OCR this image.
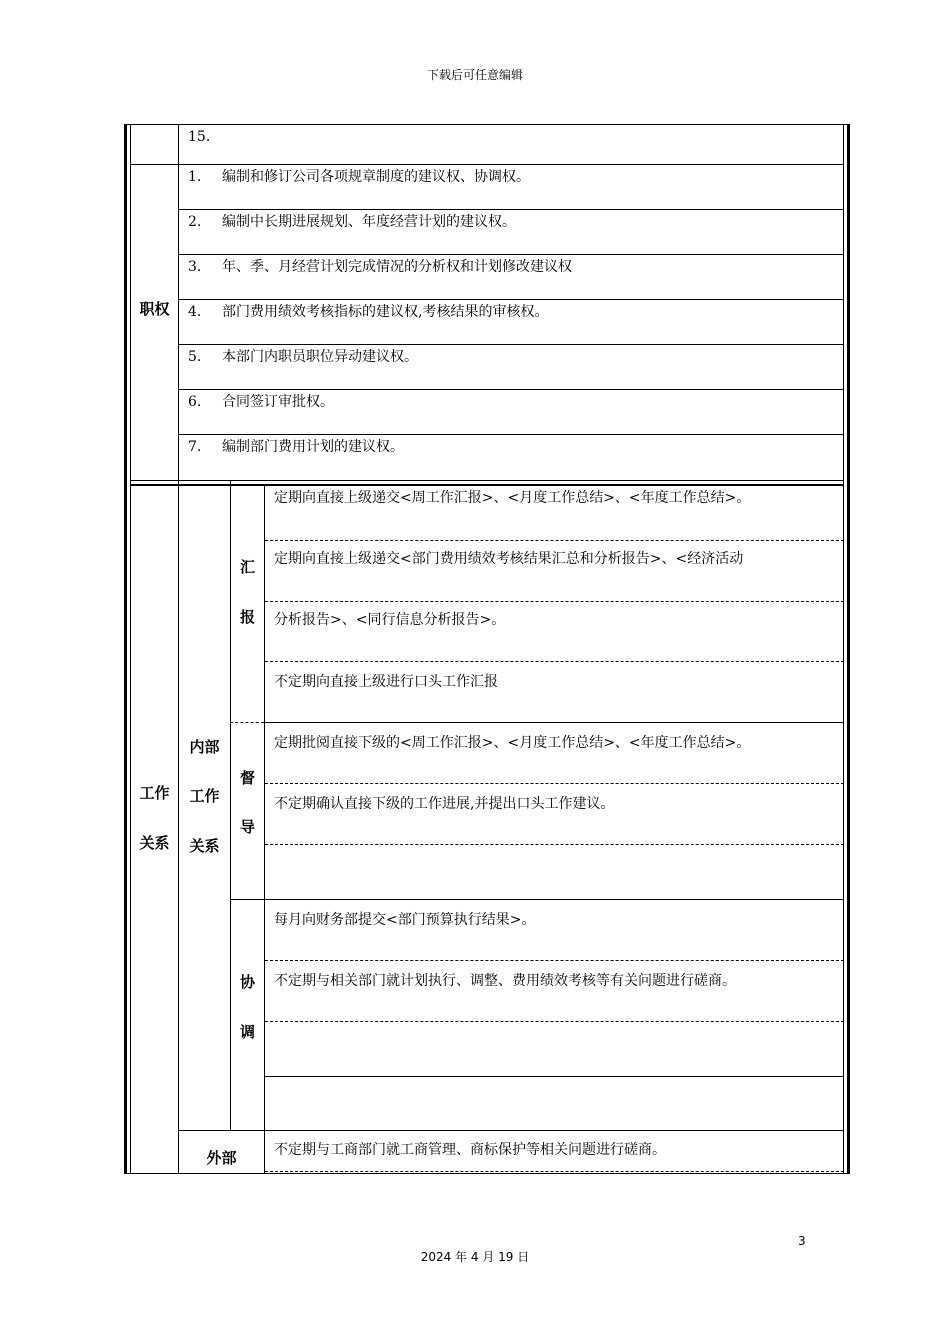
下载后可任意编辑
15.
职权
1. 编制和修订公司各项规章制度的建议权、协调权。
2. 编制中长期进展规划、年度经营计划的建议权。
3. 年、季、月经营计划完成情况的分析权和计划修改建议权
4. 部门费用绩效考核指标的建议权,考核结果的审核权。
5. 本部门内职员职位异动建议权。
6. 合同签订审批权。
7. 编制部门费用计划的建议权。
工作
关系
内部
工作
关系
汇
报
定期向直接上级递交<周工作汇报>、<月度工作总结>、<年度工作总结>。
定期向直接上级递交<部门费用绩效考核结果汇总和分析报告>、<经济活动
分析报告>、<同行信息分析报告>。
不定期向直接上级进行口头工作汇报
督
导
定期批阅直接下级的<周工作汇报>、<月度工作总结>、<年度工作总结>。
不定期确认直接下级的工作进展,并提出口头工作建议。
协
调
每月向财务部提交<部门预算执行结果>。
不定期与相关部门就计划执行、调整、费用绩效考核等有关问题进行磋商。
外部	不定期与工商部门就工商管理、商标保护等相关问题进行磋商。
3
2024 年 4 月 19 日
